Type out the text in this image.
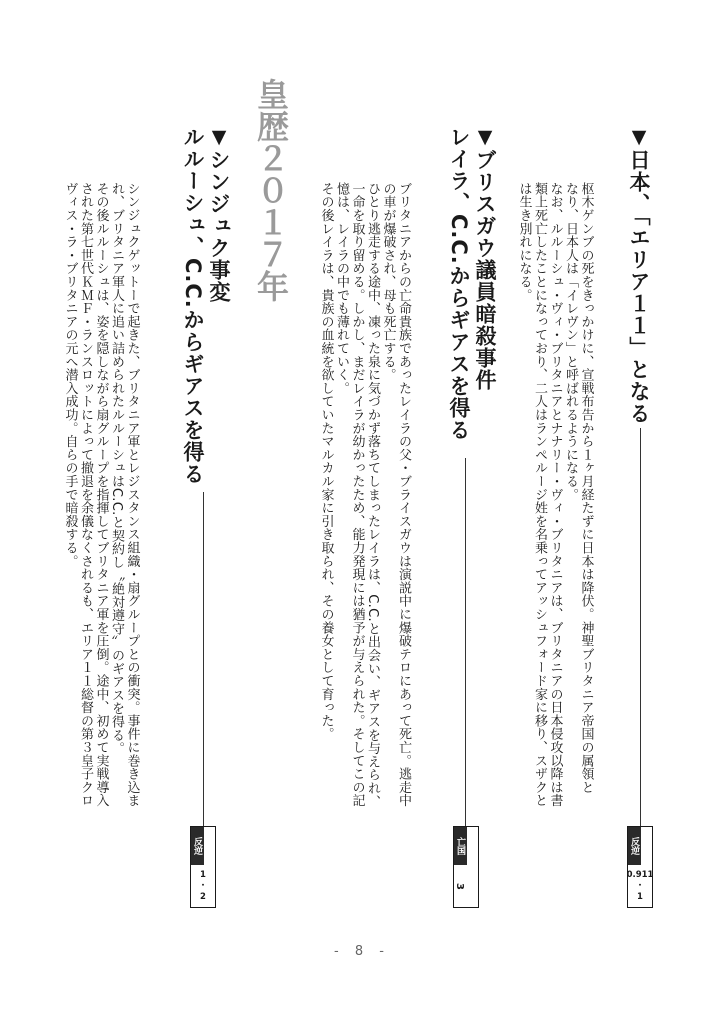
▼日本、「エリア１１」となる
枢木ゲンブの死をきっかけに、宣戦布告から１ヶ月経たずに日本は降伏。神聖ブリタニア帝国の属領と
なり、日本人は「イレヴン」と呼ばれるようになる。
なお、ルルーシュ・ヴィ・ブリタニアとナナリー・ヴィ・ブリタニアは、ブリタニアの日本侵攻以降は書
類上死亡したことになっており、二人はランペルージ姓を名乗ってアッシュフォード家に移り、スザクと
は生き別れになる。
反逆
0.911
・
1
▼ブリスガウ議員暗殺事件
レイラ、C.C.からギアスを得る
ブリタニアからの亡命貴族であったレイラの父・ブライスガウは演説中に爆破テロにあって死亡。逃走中
の車が爆破され、母も死亡する。
ひとり逃走する途中、凍った泉に気づかず落ちてしまったレイラは、C.C.と出会い、ギアスを与えられ、
一命を取り留める。しかし、まだレイラが幼かったため、能力発現には猶予が与えられた。そしてこの記
憶は、レイラの中でも薄れていく。
その後レイラは、貴族の血統を欲していたマルカル家に引き取られ、その養女として育った。
亡国
3
皇歴２０１７年
▼シンジュク事変
ルルーシュ、C.C.からギアスを得る
シンジュクゲットーで起きた、ブリタニア軍とレジスタンス組織・扇グループとの衝突。事件に巻き込ま
れ、ブリタニア軍人に追い詰められたルルーシュはC.C.と契約し〝絶対遵守〟のギアスを得る。
その後ルルーシュは、姿を隠しながら扇グループを指揮してブリタニア軍を圧倒。途中、初めて実戦導入
された第七世代ＫＭＦ・ランスロットによって撤退を余儀なくされるも、エリア１１総督の第３皇子クロ
ヴィス・ラ・ブリタニアの元へ潜入成功。自らの手で暗殺する。
反逆
1
・
2
- 8 -
